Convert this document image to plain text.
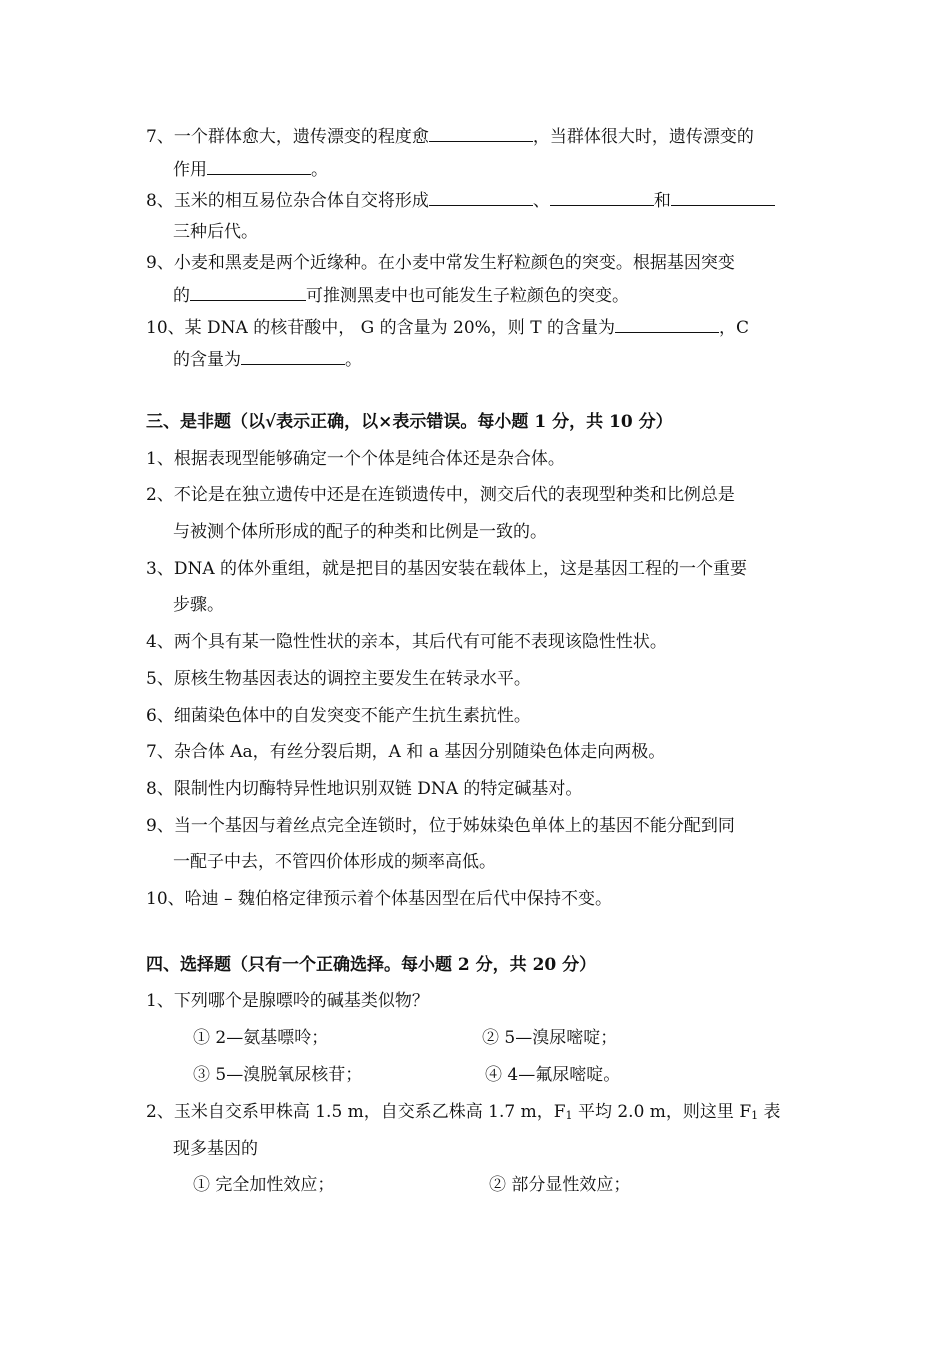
7、一个群体愈大，遗传漂变的程度愈	，当群体很大时，遗传漂变的
作用	。
8、玉米的相互易位杂合体自交将形成	、	和
三种后代。
9、小麦和黑麦是两个近缘种。在小麦中常发生籽粒颜色的突变。根据基因突变
的	可推测黑麦中也可能发生子粒颜色的突变。
10、某 DNA 的核苷酸中， G 的含量为 20%，则 T 的含量为	，C
的含量为	。
三、是非题（以√表示正确，以×表示错误。每小题 1 分，共 10 分）
1、根据表现型能够确定一个个体是纯合体还是杂合体。
2、不论是在独立遗传中还是在连锁遗传中，测交后代的表现型种类和比例总是
与被测个体所形成的配子的种类和比例是一致的。
3、DNA 的体外重组，就是把目的基因安装在载体上，这是基因工程的一个重要
步骤。
4、两个具有某一隐性性状的亲本，其后代有可能不表现该隐性性状。
5、原核生物基因表达的调控主要发生在转录水平。
6、细菌染色体中的自发突变不能产生抗生素抗性。
7、杂合体 Aa，有丝分裂后期，A 和 a 基因分别随染色体走向两极。
8、限制性内切酶特异性地识别双链 DNA 的特定碱基对。
9、当一个基因与着丝点完全连锁时，位于姊妹染色单体上的基因不能分配到同
一配子中去，不管四价体形成的频率高低。
10、哈迪 – 魏伯格定律预示着个体基因型在后代中保持不变。
四、选择题（只有一个正确选择。每小题 2 分，共 20 分）
1、下列哪个是腺嘌呤的碱基类似物？
① 2—氨基嘌呤；	② 5—溴尿嘧啶；
③ 5—溴脱氧尿核苷；	④ 4—氟尿嘧啶。
2、玉米自交系甲株高 1.5 m，自交系乙株高 1.7 m，F1 平均 2.0 m，则这里 F1 表
现多基因的
① 完全加性效应；	② 部分显性效应；
